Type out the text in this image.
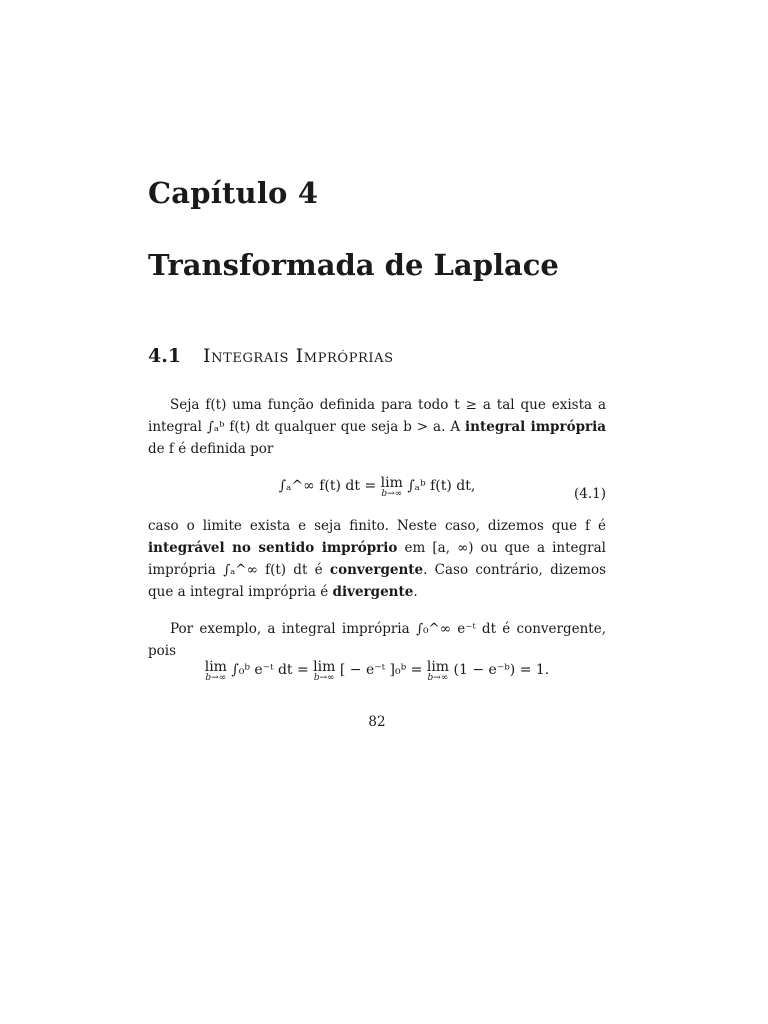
Capítulo 4
Transformada de Laplace
4.1 Integrais Impróprias
Seja f(t) uma função definida para todo t ≥ a tal que exista a integral ∫ₐᵇ f(t) dt qualquer que seja b > a. A integral imprópria de f é definida por
∫ₐ^∞ f(t) dt = lim
b→∞ ∫ₐᵇ f(t) dt,	(4.1)
caso o limite exista e seja finito. Neste caso, dizemos que f é integrável no sentido impróprio em [a, ∞) ou que a integral imprópria ∫ₐ^∞ f(t) dt é convergente. Caso contrário, dizemos que a integral imprópria é divergente.
Por exemplo, a integral imprópria ∫₀^∞ e⁻ᵗ dt é convergente, pois
lim
b→∞ ∫₀ᵇ e⁻ᵗ dt = lim
b→∞ [ − e⁻ᵗ ]₀ᵇ = lim
b→∞ (1 − e⁻ᵇ) = 1.
82
